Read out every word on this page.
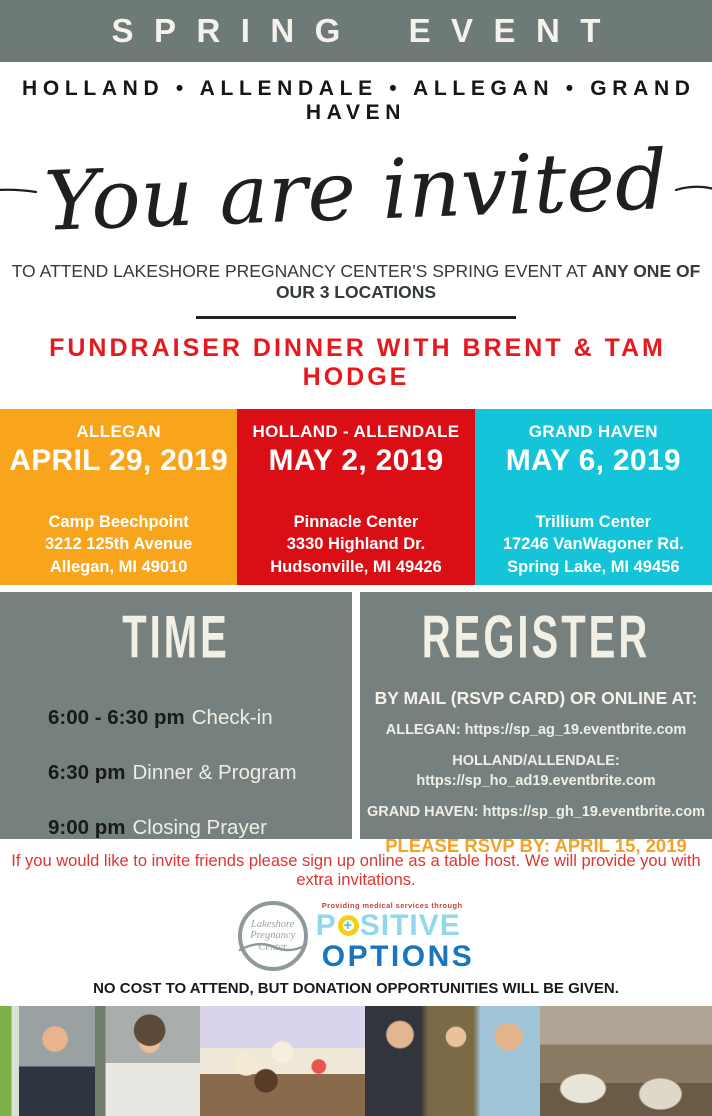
SPRING EVENT
HOLLAND • ALLENDALE • ALLEGAN • GRAND HAVEN
You are invited

TO ATTEND LAKESHORE PREGNANCY CENTER'S SPRING EVENT AT ANY ONE OF OUR 3 LOCATIONS

FUNDRAISER DINNER WITH BRENT & TAM HODGE
ALLEGAN
APRIL 29, 2019
Camp Beechpoint
3212 125th Avenue
Allegan, MI 49010
HOLLAND - ALLENDALE
MAY 2, 2019
Pinnacle Center
3330 Highland Dr.
Hudsonville, MI 49426
GRAND HAVEN
MAY 6, 2019
Trillium Center
17246 VanWagoner Rd.
Spring Lake, MI 49456
TIME
6:00 - 6:30 pm Check-in
6:30 pm Dinner & Program
9:00 pm Closing Prayer
REGISTER
BY MAIL (RSVP CARD) OR ONLINE AT:
ALLEGAN: https://sp_ag_19.eventbrite.com
HOLLAND/ALLENDALE:
https://sp_ho_ad19.eventbrite.com
GRAND HAVEN: https://sp_gh_19.eventbrite.com
PLEASE RSVP BY: APRIL 15, 2019

If you would like to invite friends please sign up online as a table host. We will provide you with extra invitations.

Lakeshore
Pregnancy
Center
Providing medical services through
P + SITIVE
OPTIONS

NO COST TO ATTEND, BUT DONATION OPPORTUNITIES WILL BE GIVEN.
